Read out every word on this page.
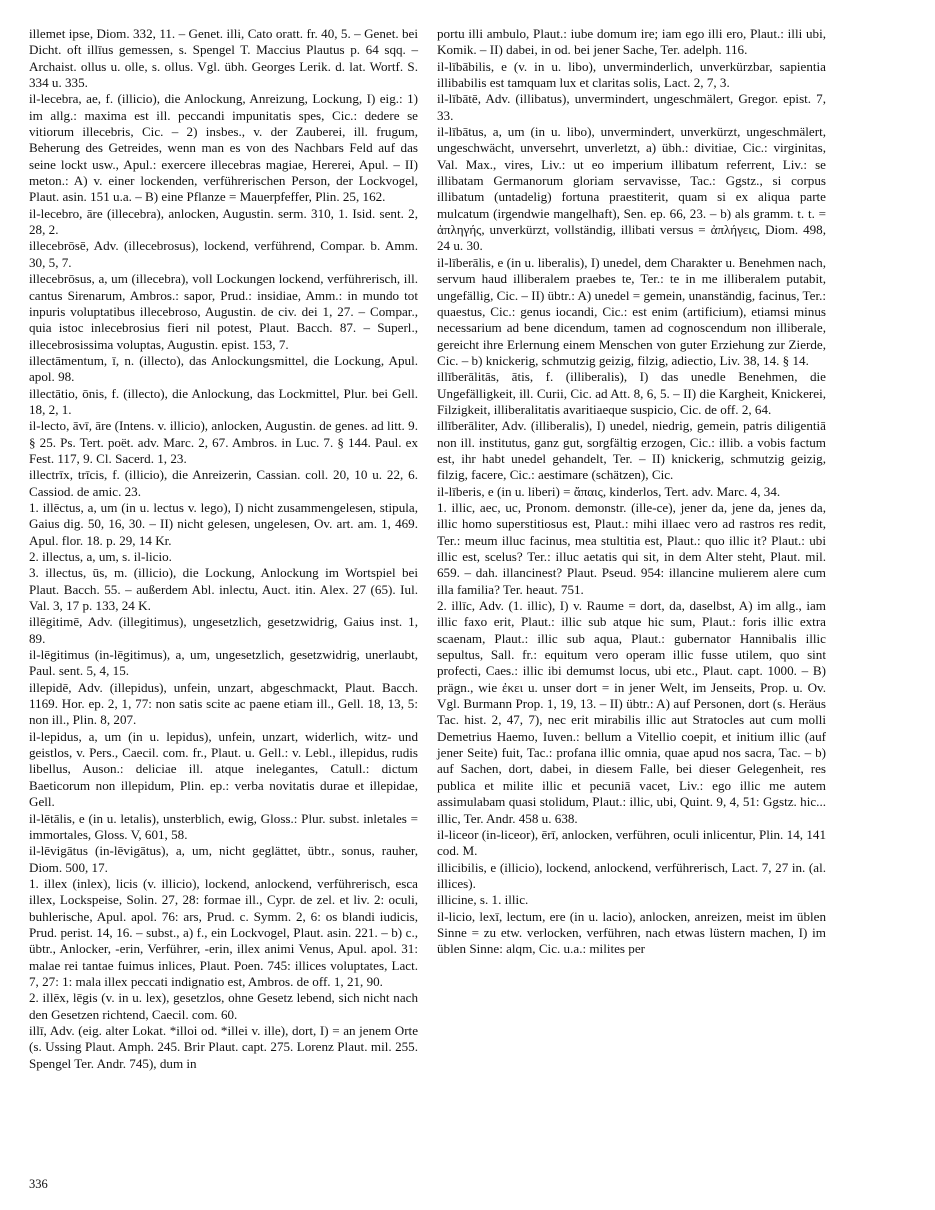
illemet ipse, Diom. 332, 11. – Genet. illi, Cato oratt. fr. 40, 5. – Genet. bei Dicht. oft illīus gemessen, s. Spengel T. Maccius Plautus p. 64 sqq. – Archaist. ollus u. olle, s. ollus. Vgl. übh. Georges Lerik. d. lat. Wortf. S. 334 u. 335.

il-lecebra, ae, f. (illicio), die Anlockung, Anreizung, Lockung, I) eig.: 1) im allg.: maxima est ill. peccandi impunitatis spes, Cic.: dedere se vitiorum illecebris, Cic. – 2) insbes., v. der Zauberei, ill. frugum, Beherung des Getreides, wenn man es von des Nachbars Feld auf das seine lockt usw., Apul.: exercere illecebras magiae, Hererei, Apul. – II) meton.: A) v. einer lockenden, verführerischen Person, der Lockvogel, Plaut. asin. 151 u.a. – B) eine Pflanze = Mauerpfeffer, Plin. 25, 162.

il-lecebro, āre (illecebra), anlocken, Augustin. serm. 310, 1. Isid. sent. 2, 28, 2.

illecebrōsē, Adv. (illecebrosus), lockend, verführend, Compar. b. Amm. 30, 5, 7.

illecebrōsus, a, um (illecebra), voll Lockungen lockend, verführerisch, ill. cantus Sirenarum, Ambros.: sapor, Prud.: insidiae, Amm.: in mundo tot inpuris voluptatibus illecebroso, Augustin. de civ. dei 1, 27. – Compar., quia istoc inlecebrosius fieri nil potest, Plaut. Bacch. 87. – Superl., illecebrosissima voluptas, Augustin. epist. 153, 7.

illectāmentum, ī, n. (illecto), das Anlockungsmittel, die Lockung, Apul. apol. 98.

illectātio, ōnis, f. (illecto), die Anlockung, das Lockmittel, Plur. bei Gell. 18, 2, 1.

il-lecto, āvī, āre (Intens. v. illicio), anlocken, Augustin. de genes. ad litt. 9. § 25. Ps. Tert. poët. adv. Marc. 2, 67. Ambros. in Luc. 7. § 144. Paul. ex Fest. 117, 9. Cl. Sacerd. 1, 23.

illectrīx, trīcis, f. (illicio), die Anreizerin, Cassian. coll. 20, 10 u. 22, 6. Cassiod. de amic. 23.

1. illēctus, a, um (in u. lectus v. lego), I) nicht zusammengelesen, stipula, Gaius dig. 50, 16, 30. – II) nicht gelesen, ungelesen, Ov. art. am. 1, 469. Apul. flor. 18. p. 29, 14 Kr.

2. illectus, a, um, s. il-licio.

3. illectus, ūs, m. (illicio), die Lockung, Anlockung im Wortspiel bei Plaut. Bacch. 55. – außerdem Abl. inlectu, Auct. itin. Alex. 27 (65). Iul. Val. 3, 17 p. 133, 24 K.

illēgitimē, Adv. (illegitimus), ungesetzlich, gesetzwidrig, Gaius inst. 1, 89.

il-lēgitimus (in-lēgitimus), a, um, ungesetzlich, gesetzwidrig, unerlaubt, Paul. sent. 5, 4, 15.

illepidē, Adv. (illepidus), unfein, unzart, abgeschmackt, Plaut. Bacch. 1169. Hor. ep. 2, 1, 77: non satis scite ac paene etiam ill., Gell. 18, 13, 5: non ill., Plin. 8, 207.

il-lepidus, a, um (in u. lepidus), unfein, unzart, widerlich, witz- und geistlos, v. Pers., Caecil. com. fr., Plaut. u. Gell.: v. Lebl., illepidus, rudis libellus, Auson.: deliciae ill. atque inelegantes, Catull.: dictum Baeticorum non illepidum, Plin. ep.: verba novitatis durae et illepidae, Gell.

il-lētālis, e (in u. letalis), unsterblich, ewig, Gloss.: Plur. subst. inletales = immortales, Gloss. V, 601, 58.

il-lēvigātus (in-lēvigātus), a, um, nicht geglättet, übtr., sonus, rauher, Diom. 500, 17.

1. illex (inlex), licis (v. illicio), lockend, anlockend, verführerisch, esca illex, Lockspeise, Solin. 27, 28: formae ill., Cypr. de zel. et liv. 2: oculi, buhlerische, Apul. apol. 76: ars, Prud. c. Symm. 2, 6: os blandi iudicis, Prud. perist. 14, 16. – subst., a) f., ein Lockvogel, Plaut. asin. 221. – b) c., übtr., Anlocker, -erin, Verführer, -erin, illex animi Venus, Apul. apol. 31: malae rei tantae fuimus inlices, Plaut. Poen. 745: illices voluptates, Lact. 7, 27: 1: mala illex peccati indignatio est, Ambros. de off. 1, 21, 90.

2. illēx, lēgis (v. in u. lex), gesetzlos, ohne Gesetz lebend, sich nicht nach den Gesetzen richtend, Caecil. com. 60.

illī, Adv. (eig. alter Lokat. *illoi od. *illei v. ille), dort, I) = an jenem Orte (s. Ussing Plaut. Amph. 245. Brir Plaut. capt. 275. Lorenz Plaut. mil. 255. Spengel Ter. Andr. 745), dum in

portu illi ambulo, Plaut.: iube domum ire; iam ego illi ero, Plaut.: illi ubi, Komik. – II) dabei, in od. bei jener Sache, Ter. adelph. 116.

il-lībābilis, e (v. in u. libo), unverminderlich, unverkürzbar, sapientia illibabilis est tamquam lux et claritas solis, Lact. 2, 7, 3.

il-lībātē, Adv. (illibatus), unvermindert, ungeschmälert, Gregor. epist. 7, 33.

il-lībātus, a, um (in u. libo), unvermindert, unverkürzt, ungeschmälert, ungeschwächt, unversehrt, unverletzt, a) übh.: divitiae, Cic.: virginitas, Val. Max., vires, Liv.: ut eo imperium illibatum referrent, Liv.: se illibatam Germanorum gloriam servavisse, Tac.: Ggstz., si corpus illibatum (untadelig) fortuna praestiterit, quam si ex aliqua parte mulcatum (irgendwie mangelhaft), Sen. ep. 66, 23. – b) als gramm. t. t. = ἀπληγής, unverkürzt, vollständig, illibati versus = ἀπλήγεις, Diom. 498, 24 u. 30.

il-līberālis, e (in u. liberalis), I) unedel, dem Charakter u. Benehmen nach, servum haud illiberalem praebes te, Ter.: te in me illiberalem putabit, ungefällig, Cic. – II) übtr.: A) unedel = gemein, unanständig, facinus, Ter.: quaestus, Cic.: genus iocandi, Cic.: est enim (artificium), etiamsi minus necessarium ad bene dicendum, tamen ad cognoscendum non illiberale, gereicht ihre Erlernung einem Menschen von guter Erziehung zur Zierde, Cic. – b) knickerig, schmutzig geizig, filzig, adiectio, Liv. 38, 14. § 14.

illīberālitās, ātis, f. (illiberalis), I) das unedle Benehmen, die Ungefälligkeit, ill. Curii, Cic. ad Att. 8, 6, 5. – II) die Kargheit, Knickerei, Filzigkeit, illiberalitatis avaritiaeque suspicio, Cic. de off. 2, 64.

illīberāliter, Adv. (illiberalis), I) unedel, niedrig, gemein, patris diligentiā non ill. institutus, ganz gut, sorgfältig erzogen, Cic.: illib. a vobis factum est, ihr habt unedel gehandelt, Ter. – II) knickerig, schmutzig geizig, filzig, facere, Cic.: aestimare (schätzen), Cic.

il-līberis, e (in u. liberi) = ἄπαις, kinderlos, Tert. adv. Marc. 4, 34.

1. illic, aec, uc, Pronom. demonstr. (ille-ce), jener da, jene da, jenes da, illic homo superstitiosus est, Plaut.: mihi illaec vero ad rastros res redit, Ter.: meum illuc facinus, mea stultitia est, Plaut.: quo illic it? Plaut.: ubi illic est, scelus? Ter.: illuc aetatis qui sit, in dem Alter steht, Plaut. mil. 659. – dah. illancinest? Plaut. Pseud. 954: illancine mulierem alere cum illa familia? Ter. heaut. 751.

2. illīc, Adv. (1. illic), I) v. Raume = dort, da, daselbst, A) im allg., iam illic faxo erit, Plaut.: illic sub atque hic sum, Plaut.: foris illic extra scaenam, Plaut.: illic sub aqua, Plaut.: gubernator Hannibalis illic sepultus, Sall. fr.: equitum vero operam illic fusse utilem, quo sint profecti, Caes.: illic ibi demumst locus, ubi etc., Plaut. capt. 1000. – B) prägn., wie ἐκει u. unser dort = in jener Welt, im Jenseits, Prop. u. Ov. Vgl. Burmann Prop. 1, 19, 13. – II) übtr.: A) auf Personen, dort (s. Heräus Tac. hist. 2, 47, 7), nec erit mirabilis illic aut Stratocles aut cum molli Demetrius Haemo, Iuven.: bellum a Vitellio coepit, et initium illic (auf jener Seite) fuit, Tac.: profana illic omnia, quae apud nos sacra, Tac. – b) auf Sachen, dort, dabei, in diesem Falle, bei dieser Gelegenheit, res publica et milite illic et pecuniā vacet, Liv.: ego illic me autem assimulabam quasi stolidum, Plaut.: illic, ubi, Quint. 9, 4, 51: Ggstz. hic... illic, Ter. Andr. 458 u. 638.

il-liceor (in-liceor), ērī, anlocken, verführen, oculi inlicentur, Plin. 14, 141 cod. M.

illicibilis, e (illicio), lockend, anlockend, verführerisch, Lact. 7, 27 in. (al. illices).

illicine, s. 1. illic.

il-licio, lexī, lectum, ere (in u. lacio), anlocken, anreizen, meist im üblen Sinne = zu etw. verlocken, verführen, nach etwas lüstern machen, I) im üblen Sinne: alqm, Cic. u.a.: milites per

336
